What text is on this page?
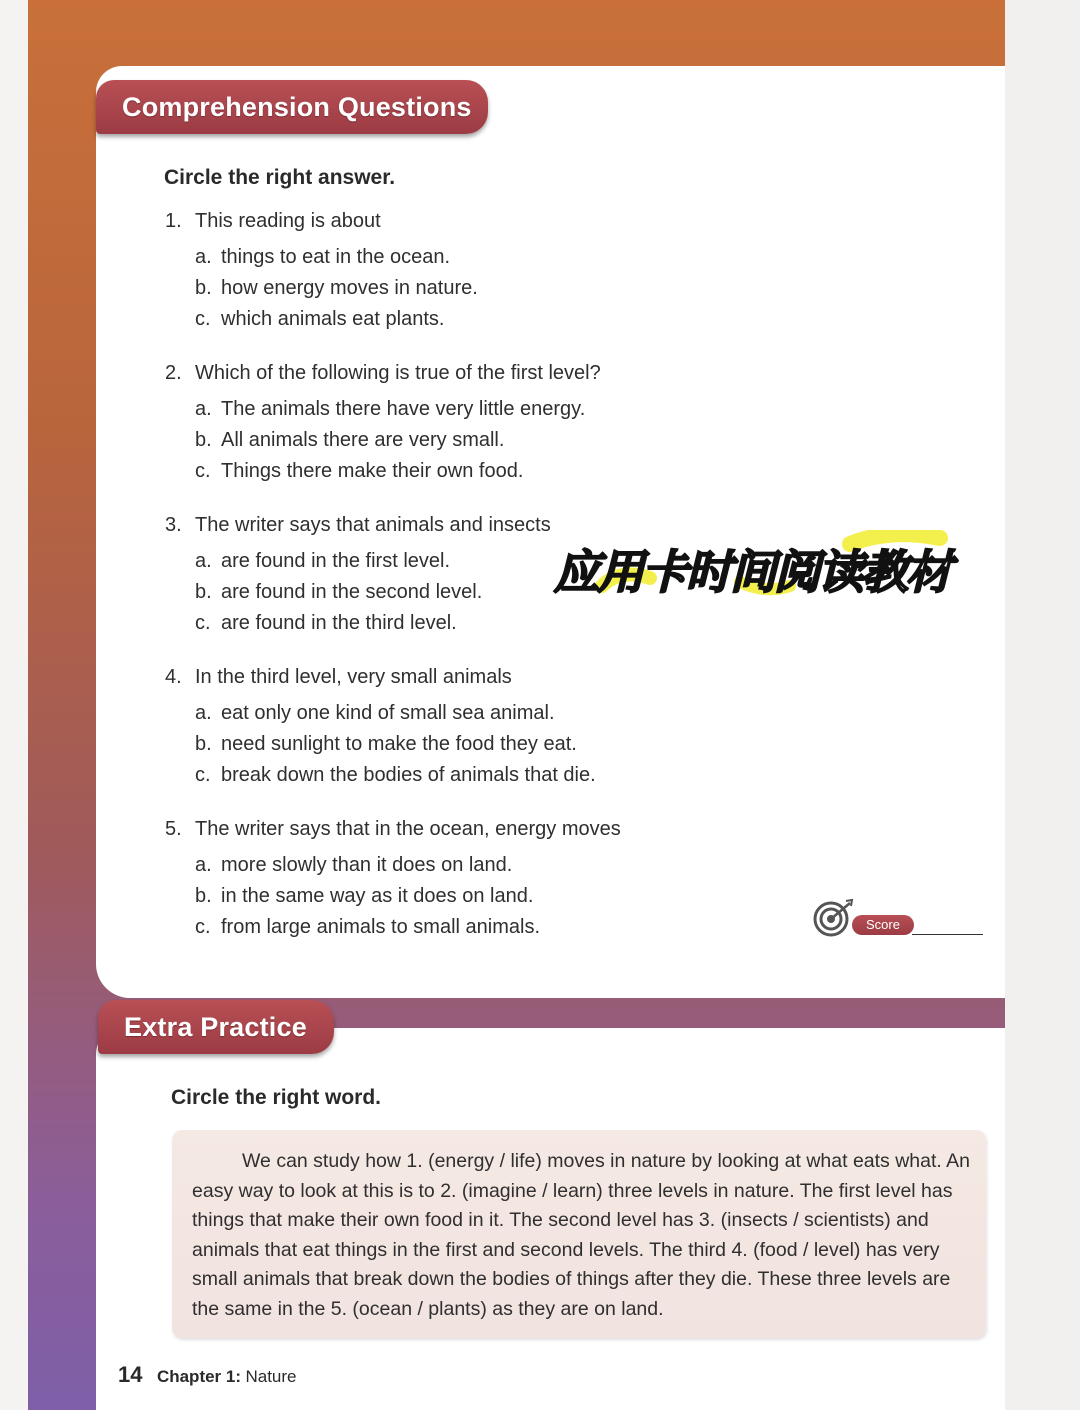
Comprehension Questions
Circle the right answer.
1. This reading is about
a. things to eat in the ocean.
b. how energy moves in nature.
c. which animals eat plants.
2. Which of the following is true of the first level?
a. The animals there have very little energy.
b. All animals there are very small.
c. Things there make their own food.
3. The writer says that animals and insects
a. are found in the first level.
b. are found in the second level.
c. are found in the third level.
4. In the third level, very small animals
a. eat only one kind of small sea animal.
b. need sunlight to make the food they eat.
c. break down the bodies of animals that die.
5. The writer says that in the ocean, energy moves
a. more slowly than it does on land.
b. in the same way as it does on land.
c. from large animals to small animals.
应用卡时间阅读教材
Score
Extra Practice
Circle the right word.
We can study how 1. (energy / life) moves in nature by looking at what eats what. An easy way to look at this is to 2. (imagine / learn) three levels in nature. The first level has things that make their own food in it. The second level has 3. (insects / scientists) and animals that eat things in the first and second levels. The third 4. (food / level) has very small animals that break down the bodies of things after they die. These three levels are the same in the 5. (ocean / plants) as they are on land.
14 Chapter 1: Nature
